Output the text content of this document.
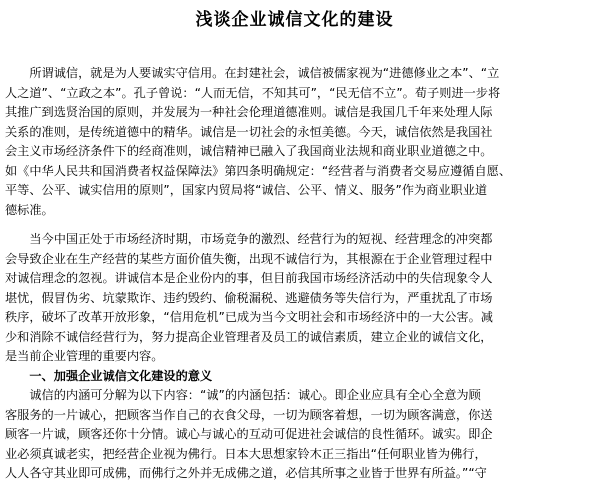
浅谈企业诚信文化的建设
　　所谓诚信，就是为人要诚实守信用。在封建社会，诚信被儒家视为“进德修业之本”、“立
人之道”、“立政之本”。孔子曾说：“人而无信，不知其可”，“民无信不立”。荀子则进一步将
其推广到选贤治国的原则，并发展为一种社会伦理道德准则。诚信是我国几千年来处理人际
关系的准则，是传统道德中的精华。诚信是一切社会的永恒美德。今天，诚信依然是我国社
会主义市场经济条件下的经商准则，诚信精神已融入了我国商业法规和商业职业道德之中。
如《中华人民共和国消费者权益保障法》第四条明确规定：“经营者与消费者交易应遵循自愿、
平等、公平、诚实信用的原则”，国家内贸局将“诚信、公平、情义、服务”作为商业职业道
德标准。
　　当今中国正处于市场经济时期，市场竞争的激烈、经营行为的短视、经营理念的冲突都
会导致企业在生产经营的某些方面价值失衡，出现不诚信行为，其根源在于企业管理过程中
对诚信理念的忽视。讲诚信本是企业份内的事，但目前我国市场经济活动中的失信现象令人
堪忧，假冒伪劣、坑蒙欺诈、违约毁约、偷税漏税、逃避债务等失信行为，严重扰乱了市场
秩序，破坏了改革开放形象，“信用危机”已成为当今文明社会和市场经济中的一大公害。减
少和消除不诚信经营行为，努力提高企业管理者及员工的诚信素质，建立企业的诚信文化，
是当前企业管理的重要内容。
　　一、加强企业诚信文化建设的意义
　　诚信的内涵可分解为以下内容：“诚”的内涵包括：诚心。即企业应具有全心全意为顾
客服务的一片诚心，把顾客当作自己的衣食父母，一切为顾客着想，一切为顾客满意，你送
顾客一片诚，顾客还你十分情。诚心与诚心的互动可促进社会诚信的良性循环。诚实。即企
业必须真诚老实，把经营企业视为佛行。日本大思想家铃木正三指出“任何职业皆为佛行，
人人各守其业即可成佛，而佛行之外并无成佛之道，必信其所事之业皆于世界有所益。”“守
